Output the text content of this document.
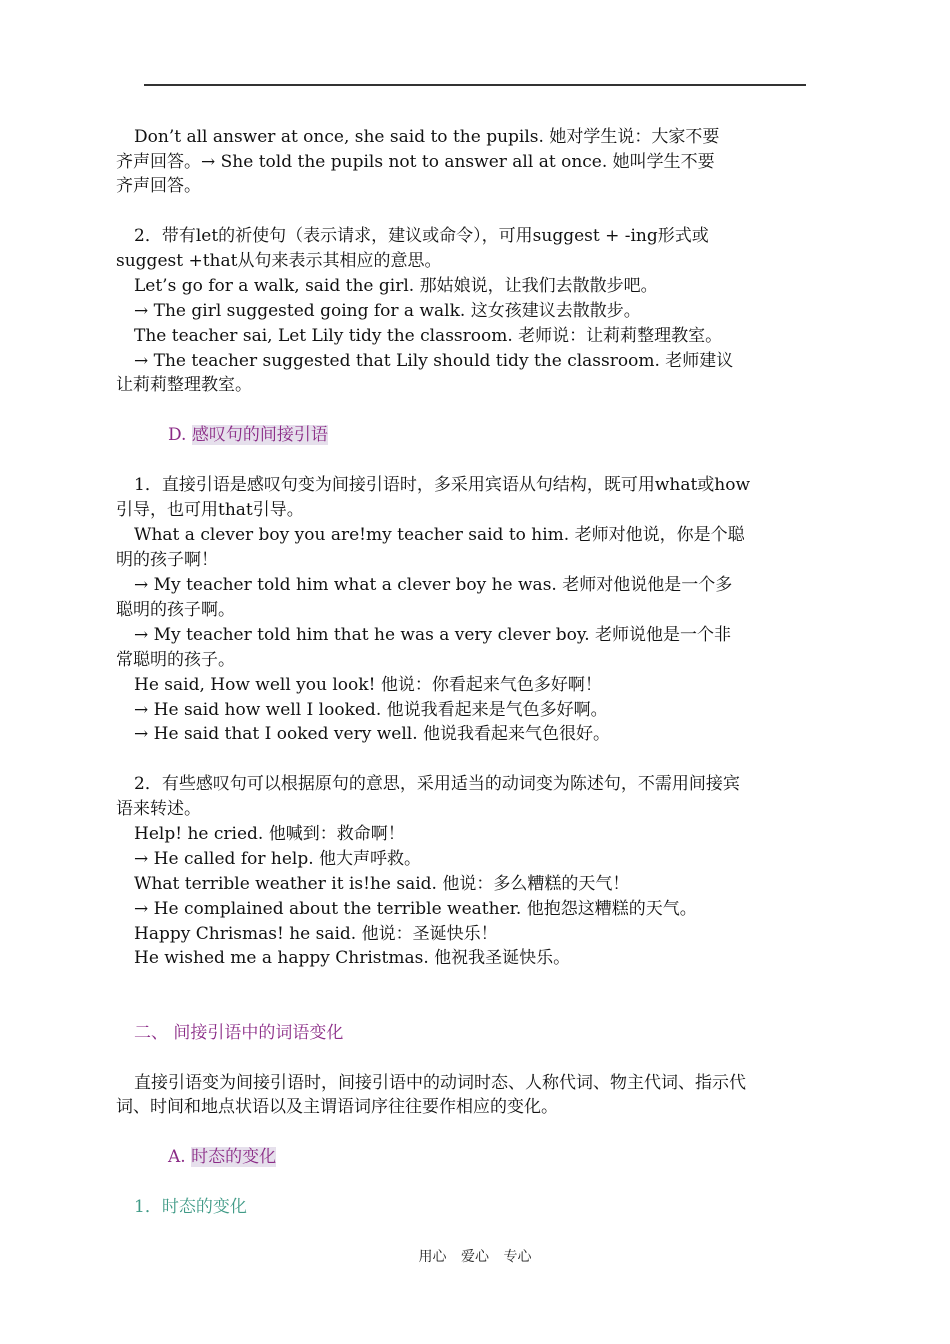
Don’t all answer at once, she said to the pupils. 她对学生说：大家不要

齐声回答。→ She told the pupils not to answer all at once. 她叫学生不要

齐声回答。

2．带有let的祈使句（表示请求，建议或命令），可用suggest + -ing形式或

suggest +that从句来表示其相应的意思。

Let’s go for a walk, said the girl. 那姑娘说，让我们去散散步吧。

→ The girl suggested going for a walk. 这女孩建议去散散步。

The teacher sai, Let Lily tidy the classroom. 老师说：让莉莉整理教室。

→ The teacher suggested that Lily should tidy the classroom. 老师建议

让莉莉整理教室。

D. 感叹句的间接引语

1．直接引语是感叹句变为间接引语时，多采用宾语从句结构，既可用what或how

引导，也可用that引导。

What a clever boy you are!my teacher said to him. 老师对他说，你是个聪

明的孩子啊！

→ My teacher told him what a clever boy he was. 老师对他说他是一个多

聪明的孩子啊。

→ My teacher told him that he was a very clever boy. 老师说他是一个非

常聪明的孩子。

He said, How well you look! 他说：你看起来气色多好啊！

→ He said how well I looked. 他说我看起来是气色多好啊。

→ He said that I ooked very well. 他说我看起来气色很好。

2．有些感叹句可以根据原句的意思，采用适当的动词变为陈述句，不需用间接宾

语来转述。

Help! he cried. 他喊到：救命啊！

→ He called for help. 他大声呼救。

What terrible weather it is!he said. 他说：多么糟糕的天气！

→ He complained about the terrible weather. 他抱怨这糟糕的天气。

Happy Chrismas! he said. 他说：圣诞快乐！

He wished me a happy Christmas. 他祝我圣诞快乐。

二、 间接引语中的词语变化

直接引语变为间接引语时，间接引语中的动词时态、人称代词、物主代词、指示代

词、时间和地点状语以及主谓语词序往往要作相应的变化。

A. 时态的变化

1．时态的变化

用心 爱心 专心
